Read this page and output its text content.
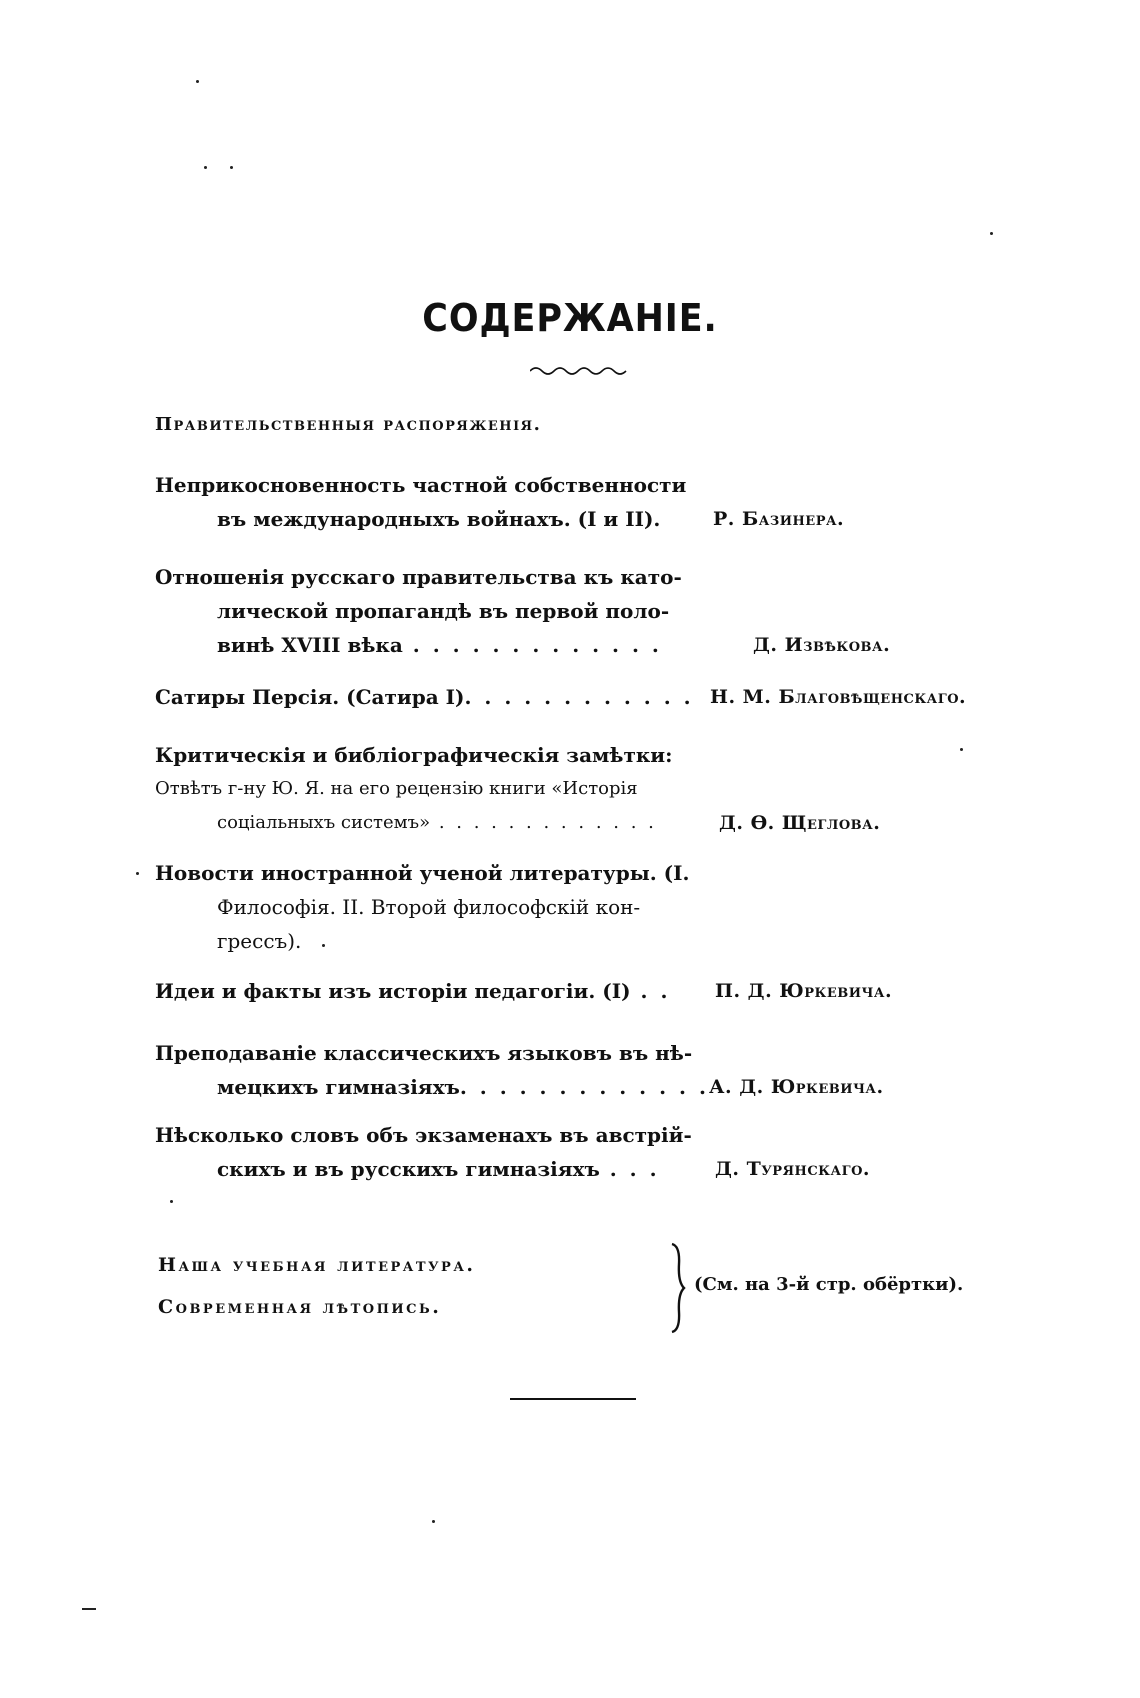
СОДЕРЖАНІЕ.
Правительственныя распоряженія.
Неприкосновенность частной собственности
въ международныхъ войнахъ. (I и II).	Р. Базинера.
Отношенія русскаго правительства къ като-
лической пропагандѣ въ первой поло-
винѣ XVIII вѣка . . . . . . . . . . . . .	Д. Извѣкова.
Сатиры Персія. (Сатира I). . . . . . . . . . . . Н. М. Благовѣщенскаго.
Критическія и библіографическія замѣтки:
Отвѣтъ г-ну Ю. Я. на его рецензію книги «Исторія
соціальныхъ системъ» . . . . . . . . . . . . .	Д. Ѳ. Щеглова.
Новости иностранной ученой литературы. (I.
Философія. II. Второй философскій кон-
грессъ).
Идеи и факты изъ исторіи педагогіи. (I) . . П. Д. Юркевича.
Преподаваніе классическихъ языковъ въ нѣ-
мецкихъ гимназіяхъ. . . . . . . . . . . . . А. Д. Юркевича.
Нѣсколько словъ объ экзаменахъ въ австрій-
скихъ и въ русскихъ гимназіяхъ . . .	Д. Турянскаго.
Наша учебная литература.
Современная лѣтопись.
(См. на 3-й стр. обёртки).
